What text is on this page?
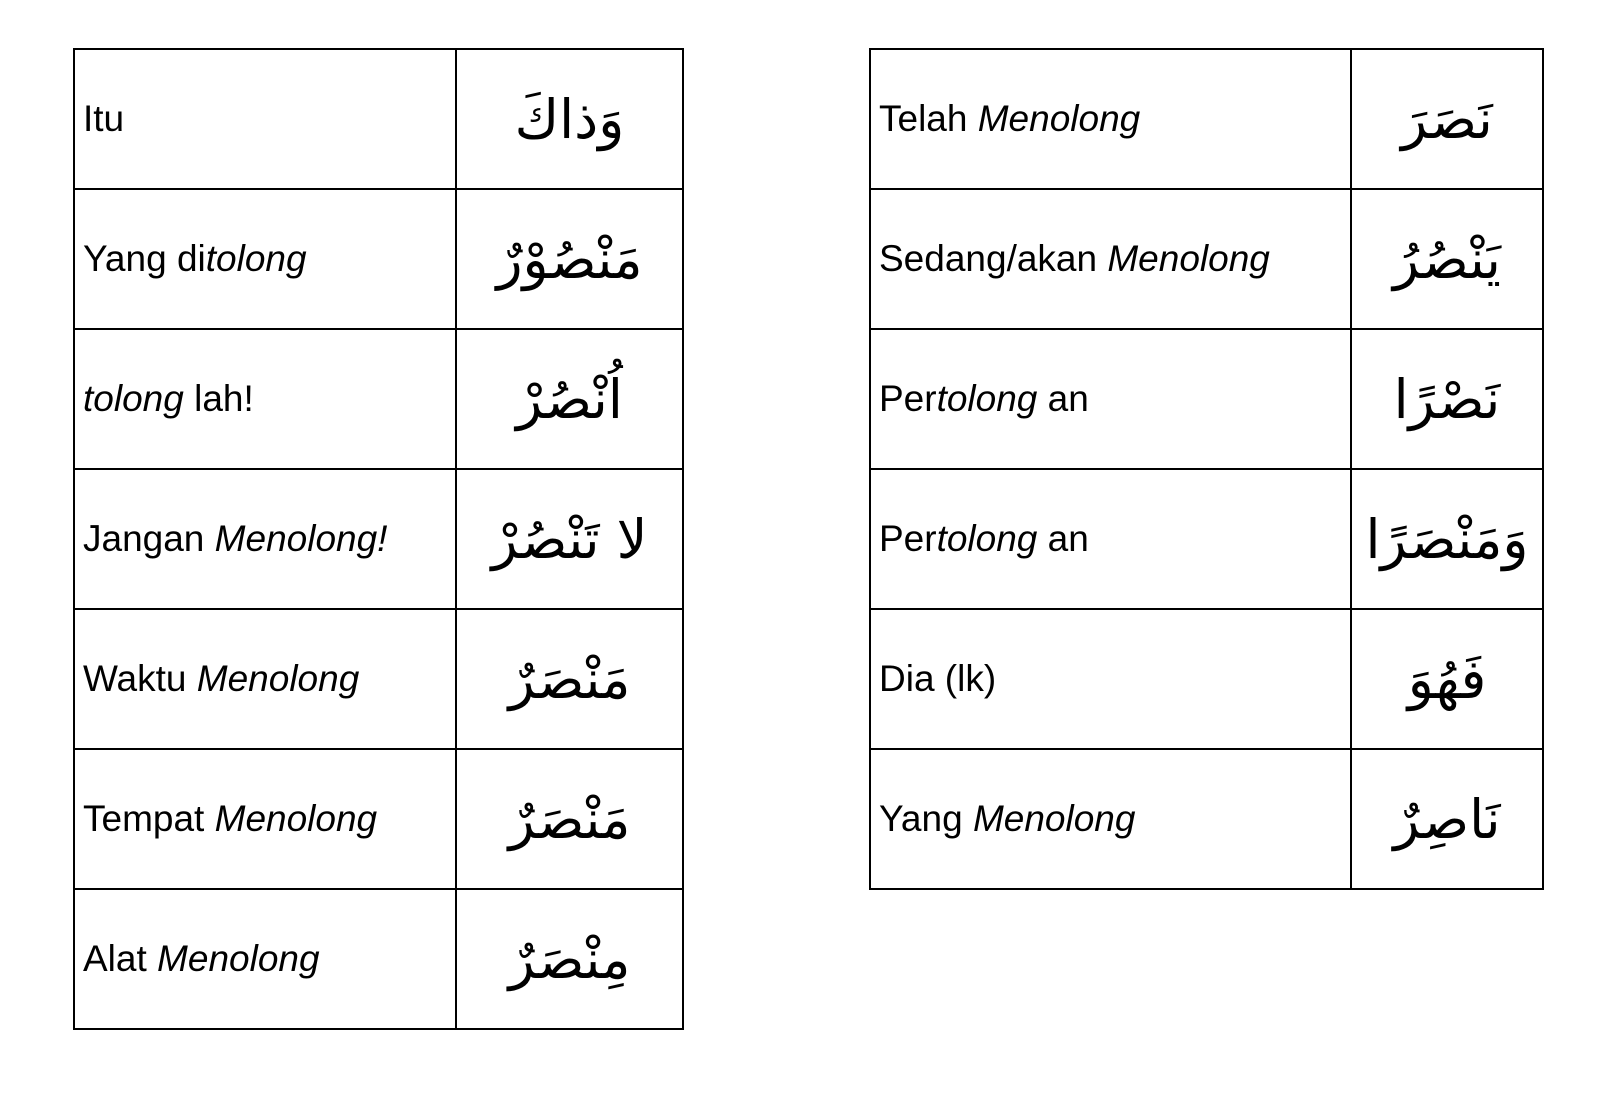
Itu	وَذاكَ
Yang ditolong	مَنْصُوْرٌ
tolong lah!	اُنْصُرْ
Jangan Menolong!	لا تَنْصُرْ
Waktu Menolong	مَنْصَرٌ
Tempat Menolong	مَنْصَرٌ
Alat Menolong	مِنْصَرٌ
Telah Menolong	نَصَرَ
Sedang/akan Menolong	يَنْصُرُ
Pertolong an	نَصْرًا
Pertolong an	وَمَنْصَرًا
Dia (lk)	فَهُوَ
Yang Menolong	نَاصِرٌ
